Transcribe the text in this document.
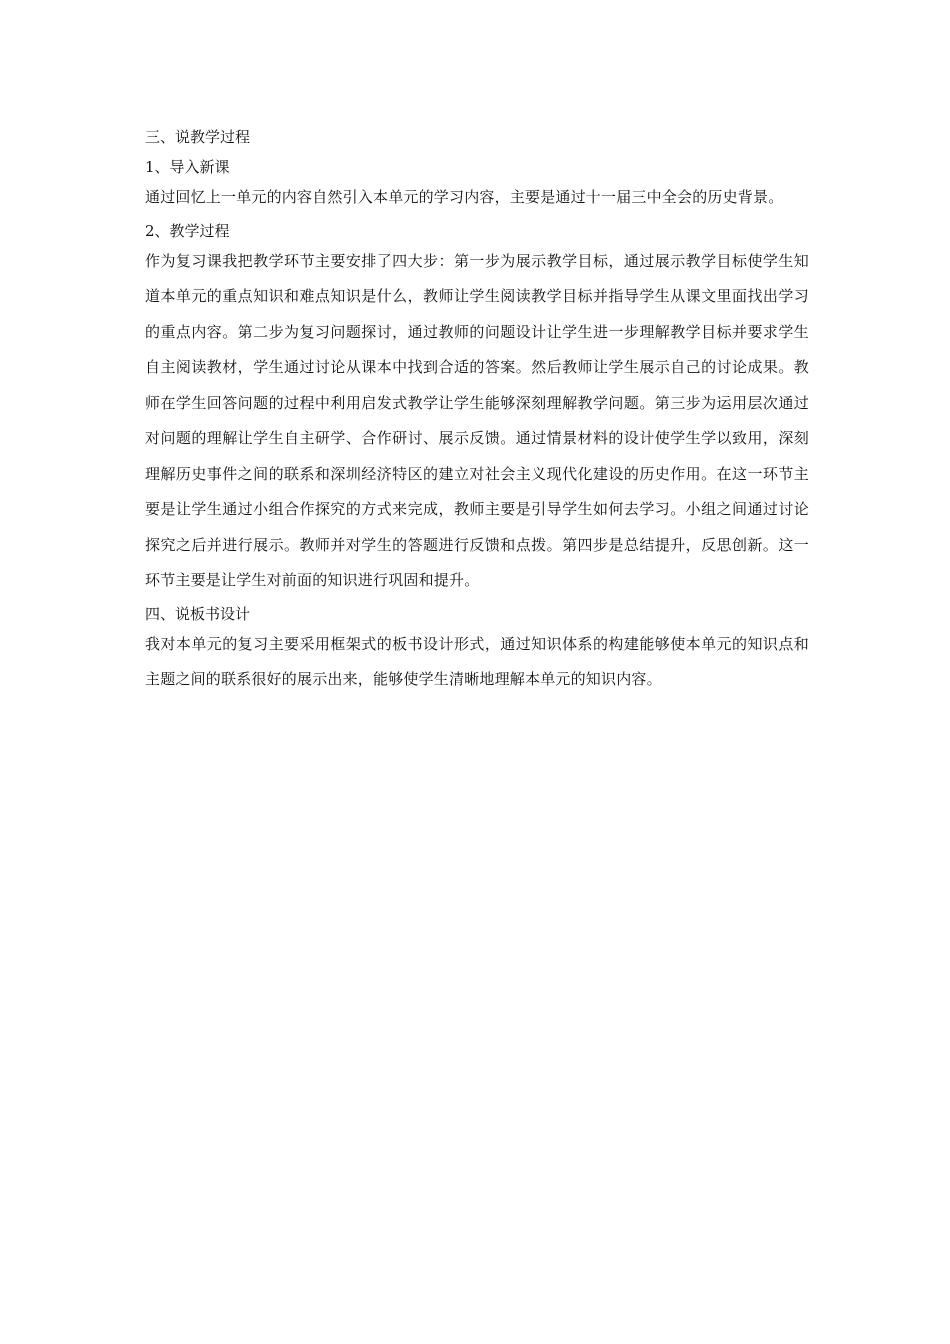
三、说教学过程

1、导入新课

通过回忆上一单元的内容自然引入本单元的学习内容，主要是通过十一届三中全会的历史背景。

2、教学过程

作为复习课我把教学环节主要安排了四大步：第一步为展示教学目标，通过展示教学目标使学生知道本单元的重点知识和难点知识是什么，教师让学生阅读教学目标并指导学生从课文里面找出学习的重点内容。第二步为复习问题探讨，通过教师的问题设计让学生进一步理解教学目标并要求学生自主阅读教材，学生通过讨论从课本中找到合适的答案。然后教师让学生展示自己的讨论成果。教师在学生回答问题的过程中利用启发式教学让学生能够深刻理解教学问题。第三步为运用层次通过对问题的理解让学生自主研学、合作研讨、展示反馈。通过情景材料的设计使学生学以致用，深刻理解历史事件之间的联系和深圳经济特区的建立对社会主义现代化建设的历史作用。在这一环节主要是让学生通过小组合作探究的方式来完成，教师主要是引导学生如何去学习。小组之间通过讨论探究之后并进行展示。教师并对学生的答题进行反馈和点拨。第四步是总结提升，反思创新。这一环节主要是让学生对前面的知识进行巩固和提升。

四、说板书设计

我对本单元的复习主要采用框架式的板书设计形式，通过知识体系的构建能够使本单元的知识点和主题之间的联系很好的展示出来，能够使学生清晰地理解本单元的知识内容。
